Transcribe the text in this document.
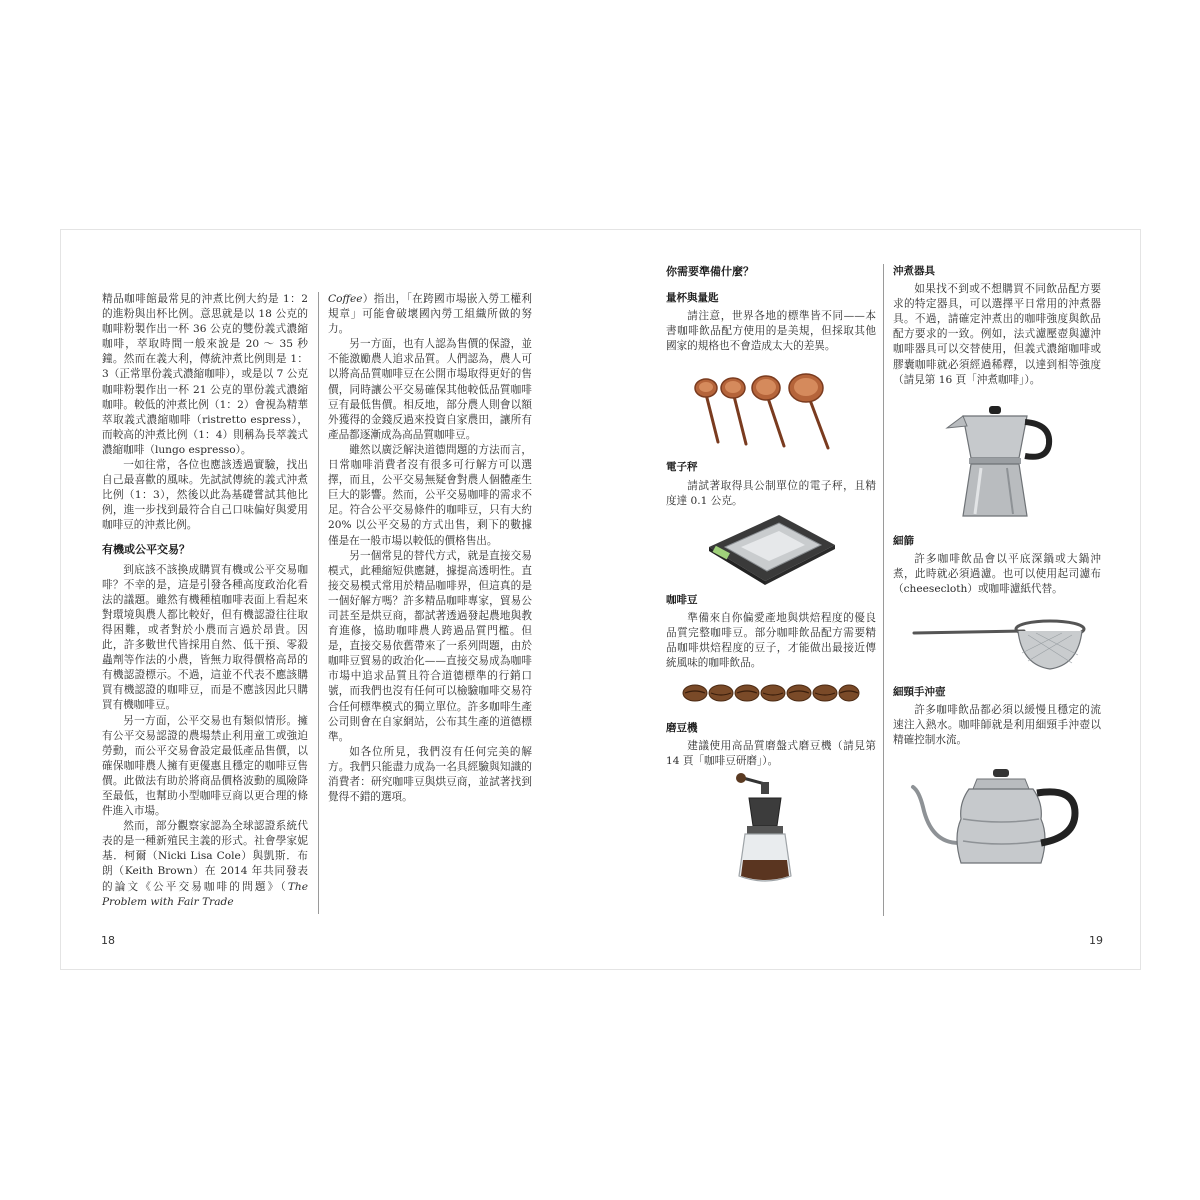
精品咖啡館最常見的沖煮比例大約是 1：2 的進粉與出杯比例。意思就是以 18 公克的咖啡粉製作出一杯 36 公克的雙份義式濃縮咖啡，萃取時間一般來說是 20 ～ 35 秒鐘。然而在義大利，傳統沖煮比例則是 1：3（正常單份義式濃縮咖啡），或是以 7 公克咖啡粉製作出一杯 21 公克的單份義式濃縮咖啡。較低的沖煮比例（1：2）會視為精華萃取義式濃縮咖啡（ristretto espress），而較高的沖煮比例（1：4）則稱為長萃義式濃縮咖啡（lungo espresso）。

一如往常，各位也應該透過實驗，找出自己最喜歡的風味。先試試傳統的義式沖煮比例（1：3），然後以此為基礎嘗試其他比例，進一步找到最符合自己口味偏好與愛用咖啡豆的沖煮比例。

有機或公平交易？

到底該不該換成購買有機或公平交易咖啡？不幸的是，這是引發各種高度政治化看法的議題。雖然有機種植咖啡表面上看起來對環境與農人都比較好，但有機認證往往取得困難，或者對於小農而言過於昂貴。因此，許多數世代皆採用自然、低干預、零殺蟲劑等作法的小農，皆無力取得價格高昂的有機認證標示。不過，這並不代表不應該購買有機認證的咖啡豆，而是不應該因此只購買有機咖啡豆。

另一方面，公平交易也有類似情形。擁有公平交易認證的農場禁止利用童工或強迫勞動，而公平交易會設定最低產品售價，以確保咖啡農人擁有更優惠且穩定的咖啡豆售價。此做法有助於將商品價格波動的風險降至最低，也幫助小型咖啡豆商以更合理的條件進入市場。

然而，部分觀察家認為全球認證系統代表的是一種新殖民主義的形式。社會學家妮基．柯爾（Nicki Lisa Cole）與凱斯．布朗（Keith Brown）在 2014 年共同發表的論文《公平交易咖啡的問題》（The Problem with Fair Trade

Coffee）指出，「在跨國市場嵌入勞工權利規章」可能會破壞國內勞工組織所做的努力。

另一方面，也有人認為售價的保證，並不能激勵農人追求品質。人們認為，農人可以將高品質咖啡豆在公開市場取得更好的售價，同時讓公平交易確保其他較低品質咖啡豆有最低售價。相反地，部分農人則會以額外獲得的金錢反過來投資自家農田，讓所有產品都逐漸成為高品質咖啡豆。

雖然以廣泛解決道德問題的方法而言，日常咖啡消費者沒有很多可行解方可以選擇，而且，公平交易無疑會對農人個體產生巨大的影響。然而，公平交易咖啡的需求不足。符合公平交易條件的咖啡豆，只有大約 20% 以公平交易的方式出售，剩下的數據僅是在一般市場以較低的價格售出。

另一個常見的替代方式，就是直接交易模式，此種縮短供應鏈，據提高透明性。直接交易模式常用於精品咖啡界，但這真的是一個好解方嗎？許多精品咖啡專家，貿易公司甚至是烘豆商，都試著透過發起農地與教育進修，協助咖啡農人跨過品質門檻。但是，直接交易依舊帶來了一系列問題，由於咖啡豆貿易的政治化——直接交易成為咖啡市場中追求品質且符合道德標準的行銷口號，而我們也沒有任何可以檢驗咖啡交易符合任何標準模式的獨立單位。許多咖啡生產公司則會在自家網站，公布其生產的道德標準。

如各位所見，我們沒有任何完美的解方。我們只能盡力成為一名具經驗與知識的消費者：研究咖啡豆與烘豆商，並試著找到覺得不錯的選項。

18
你需要準備什麼？
量杯與量匙

請注意，世界各地的標準皆不同——本書咖啡飲品配方使用的是美規，但採取其他國家的規格也不會造成太大的差異。

電子秤

請試著取得具公制單位的電子秤，且精度達 0.1 公克。

咖啡豆

準備來自你偏愛產地與烘焙程度的優良品質完整咖啡豆。部分咖啡飲品配方需要精品咖啡烘焙程度的豆子，才能做出最接近傳統風味的咖啡飲品。

磨豆機

建議使用高品質磨盤式磨豆機（請見第 14 頁「咖啡豆研磨」）。

沖煮器具

如果找不到或不想購買不同飲品配方要求的特定器具，可以選擇平日常用的沖煮器具。不過，請確定沖煮出的咖啡強度與飲品配方要求的一致。例如，法式濾壓壺與濾沖咖啡器具可以交替使用，但義式濃縮咖啡或膠囊咖啡就必須經過稀釋，以達到相等強度（請見第 16 頁「沖煮咖啡」）。

細篩

許多咖啡飲品會以平底深鍋或大鍋沖煮，此時就必須過濾。也可以使用起司濾布（cheesecloth）或咖啡濾紙代替。

細頸手沖壺

許多咖啡飲品都必須以緩慢且穩定的流速注入熱水。咖啡師就是利用細頸手沖壺以精確控制水流。

19
